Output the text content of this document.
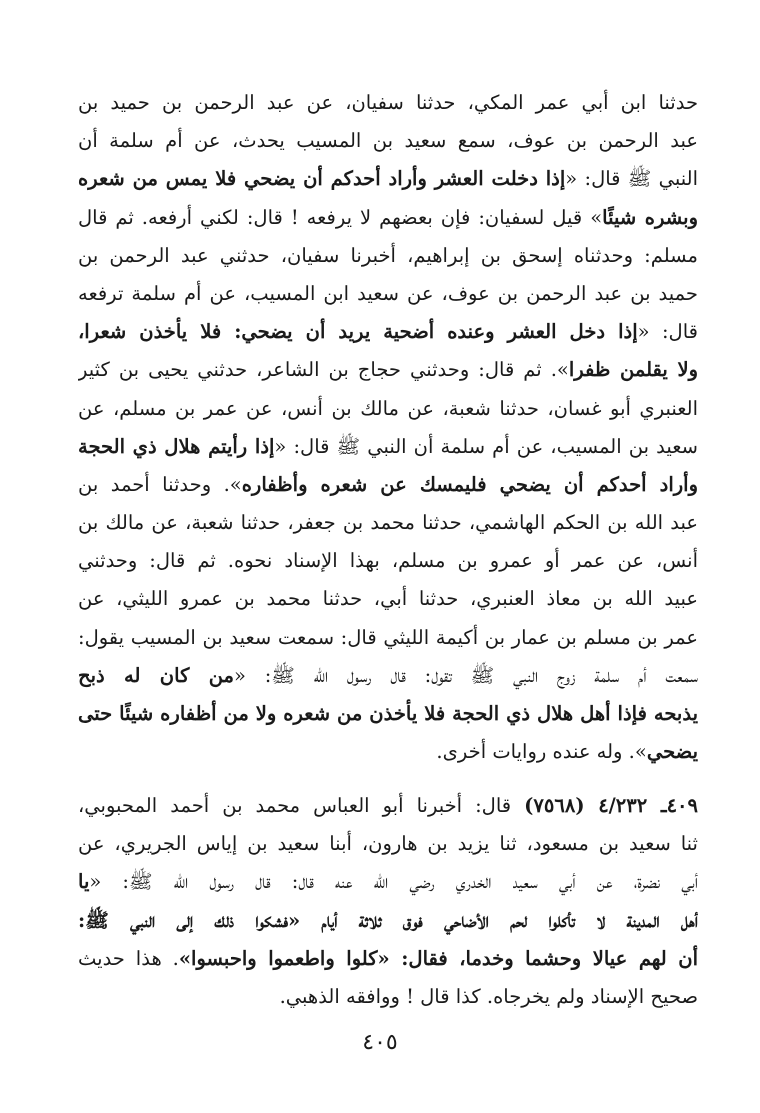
حدثنا ابن أبي عمر المكي، حدثنا سفيان، عن عبد الرحمن بن حميد بن
عبد الرحمن بن عوف، سمع سعيد بن المسيب يحدث، عن أم سلمة أن
النبي ﷺ قال: «إذا دخلت العشر وأراد أحدكم أن يضحي فلا يمس من شعره
وبشره شيئًا» قيل لسفيان: فإن بعضهم لا يرفعه ! قال: لكني أرفعه. ثم قال
مسلم: وحدثناه إسحق بن إبراهيم، أخبرنا سفيان، حدثني عبد الرحمن بن
حميد بن عبد الرحمن بن عوف، عن سعيد ابن المسيب، عن أم سلمة ترفعه
قال: «إذا دخل العشر وعنده أضحية يريد أن يضحي: فلا يأخذن شعرا،
ولا يقلمن ظفرا». ثم قال: وحدثني حجاج بن الشاعر، حدثني يحيى بن كثير
العنبري أبو غسان، حدثنا شعبة، عن مالك بن أنس، عن عمر بن مسلم، عن
سعيد بن المسيب، عن أم سلمة أن النبي ﷺ قال: «إذا رأيتم هلال ذي الحجة
وأراد أحدكم أن يضحي فليمسك عن شعره وأظفاره». وحدثنا أحمد بن
عبد الله بن الحكم الهاشمي، حدثنا محمد بن جعفر، حدثنا شعبة، عن مالك بن
أنس، عن عمر أو عمرو بن مسلم، بهذا الإسناد نحوه. ثم قال: وحدثني
عبيد الله بن معاذ العنبري، حدثنا أبي، حدثنا محمد بن عمرو الليثي، عن
عمر بن مسلم بن عمار بن أكيمة الليثي قال: سمعت سعيد بن المسيب يقول:
سمعت أم سلمة زوج النبي ﷺ تقول: قال رسول الله ﷺ: «من كان له ذبح
يذبحه فإذا أهل هلال ذي الحجة فلا يأخذن من شعره ولا من أظفاره شيئًا حتى
يضحي». وله عنده روايات أخرى.
٤٠٩ـ ٤/٢٣٢ (٧٥٦٨) قال: أخبرنا أبو العباس محمد بن أحمد المحبوبي،
ثنا سعيد بن مسعود، ثنا يزيد بن هارون، أبنا سعيد بن إياس الجريري، عن
أبي نضرة، عن أبي سعيد الخدري رضي الله عنه قال: قال رسول الله ﷺ: «يا
أهل المدينة لا تأكلوا لحم الأضاحي فوق ثلاثة أيام «فشكوا ذلك إلى النبي ﷺ:
أن لهم عيالا وحشما وخدما، فقال: «كلوا واطعموا واحبسوا». هذا حديث
صحيح الإسناد ولم يخرجاه. كذا قال ! ووافقه الذهبي.
٤٠٥
